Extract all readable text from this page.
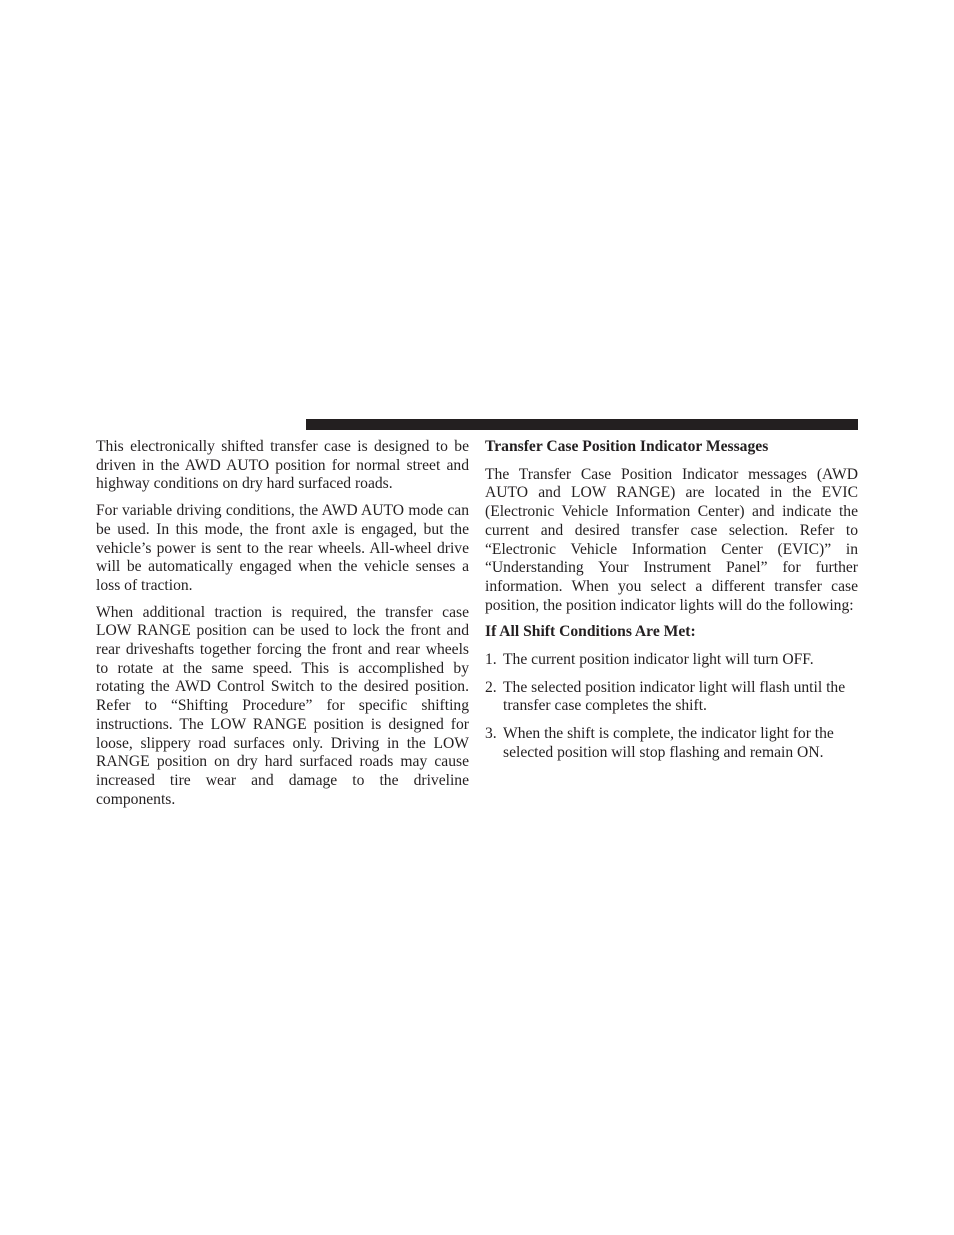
This electronically shifted transfer case is designed to be driven in the AWD AUTO position for normal street and highway conditions on dry hard surfaced roads.

For variable driving conditions, the AWD AUTO mode can be used. In this mode, the front axle is engaged, but the vehicle’s power is sent to the rear wheels. All-wheel drive will be automatically engaged when the vehicle senses a loss of traction.

When additional traction is required, the transfer case LOW RANGE position can be used to lock the front and rear driveshafts together forcing the front and rear wheels to rotate at the same speed. This is accomplished by rotating the AWD Control Switch to the desired position. Refer to “Shifting Procedure” for specific shifting instructions. The LOW RANGE position is designed for loose, slippery road surfaces only. Driving in the LOW RANGE position on dry hard surfaced roads may cause increased tire wear and damage to the driveline components.

Transfer Case Position Indicator Messages

The Transfer Case Position Indicator messages (AWD AUTO and LOW RANGE) are located in the EVIC (Electronic Vehicle Information Center) and indicate the current and desired transfer case selection. Refer to “Electronic Vehicle Information Center (EVIC)” in “Understanding Your Instrument Panel” for further information. When you select a different transfer case position, the position indicator lights will do the following:

If All Shift Conditions Are Met:
1. The current position indicator light will turn OFF.
2. The selected position indicator light will flash until the transfer case completes the shift.
3. When the shift is complete, the indicator light for the selected position will stop flashing and remain ON.
